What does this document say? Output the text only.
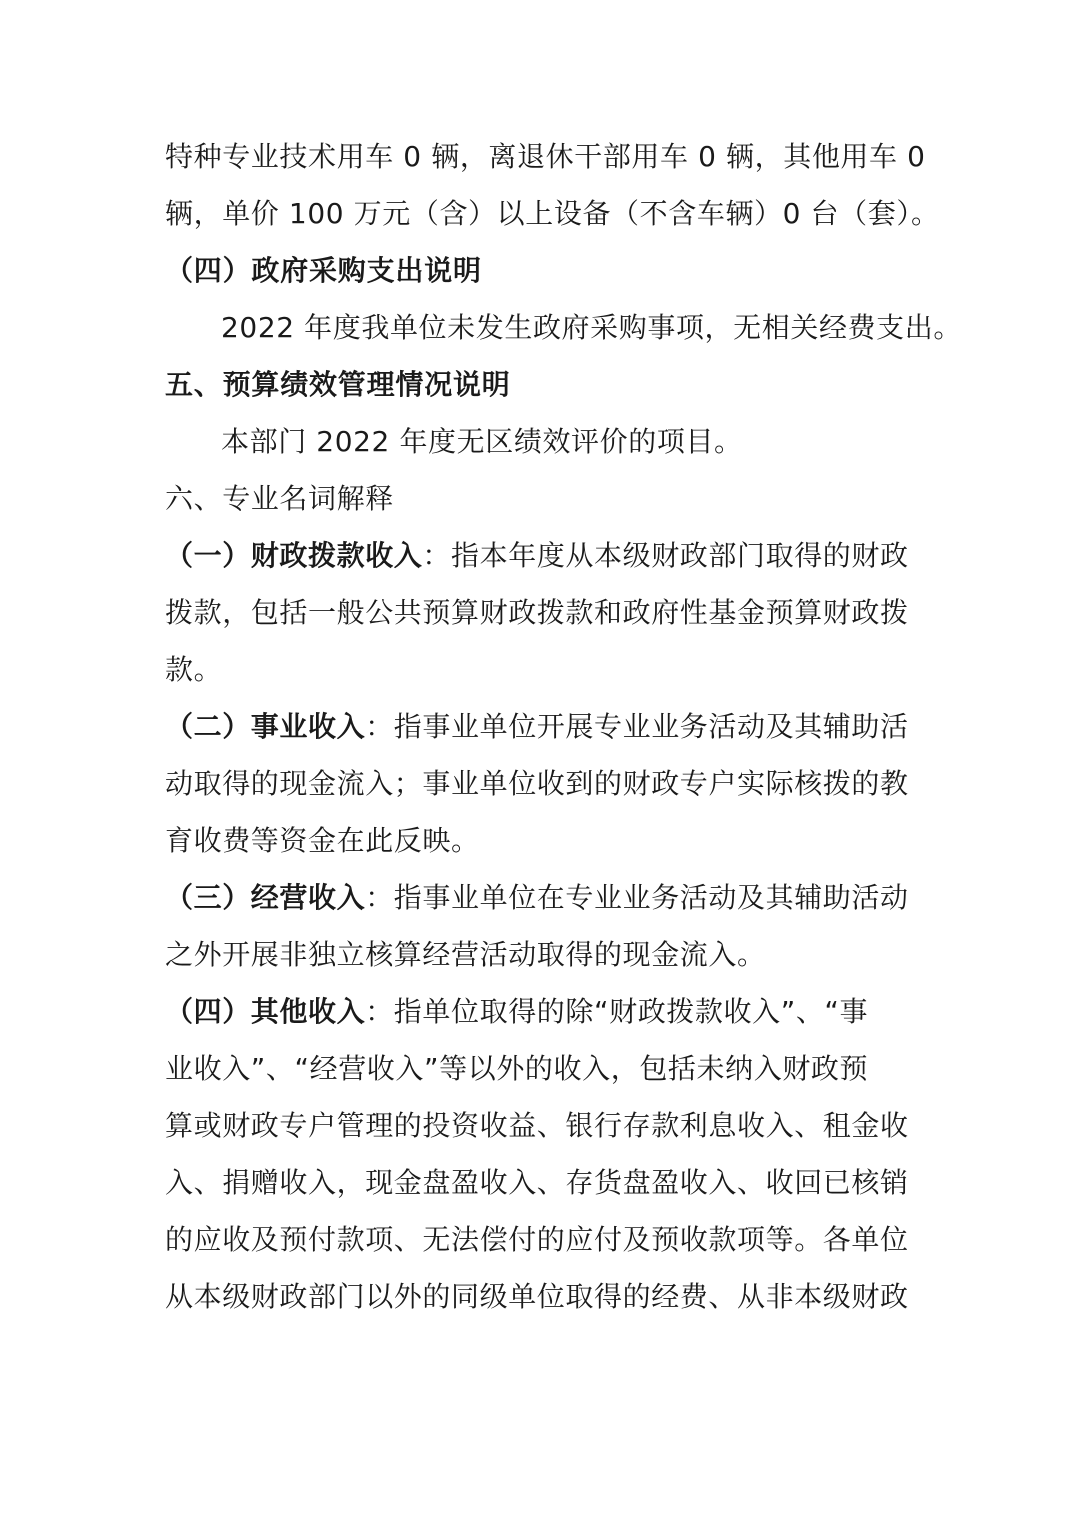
特种专业技术用车 0 辆，离退休干部用车 0 辆，其他用车 0
辆，单价 100 万元（含）以上设备（不含车辆）0 台（套）。
（四）政府采购支出说明
2022 年度我单位未发生政府采购事项，无相关经费支出。
五、预算绩效管理情况说明
本部门 2022 年度无区绩效评价的项目。
六、专业名词解释
（一）财政拨款收入：指本年度从本级财政部门取得的财政
拨款，包括一般公共预算财政拨款和政府性基金预算财政拨
款。
（二）事业收入：指事业单位开展专业业务活动及其辅助活
动取得的现金流入；事业单位收到的财政专户实际核拨的教
育收费等资金在此反映。
（三）经营收入：指事业单位在专业业务活动及其辅助活动
之外开展非独立核算经营活动取得的现金流入。
（四）其他收入：指单位取得的除“财政拨款收入”、“事
业收入”、“经营收入”等以外的收入，包括未纳入财政预
算或财政专户管理的投资收益、银行存款利息收入、租金收
入、捐赠收入，现金盘盈收入、存货盘盈收入、收回已核销
的应收及预付款项、无法偿付的应付及预收款项等。各单位
从本级财政部门以外的同级单位取得的经费、从非本级财政
